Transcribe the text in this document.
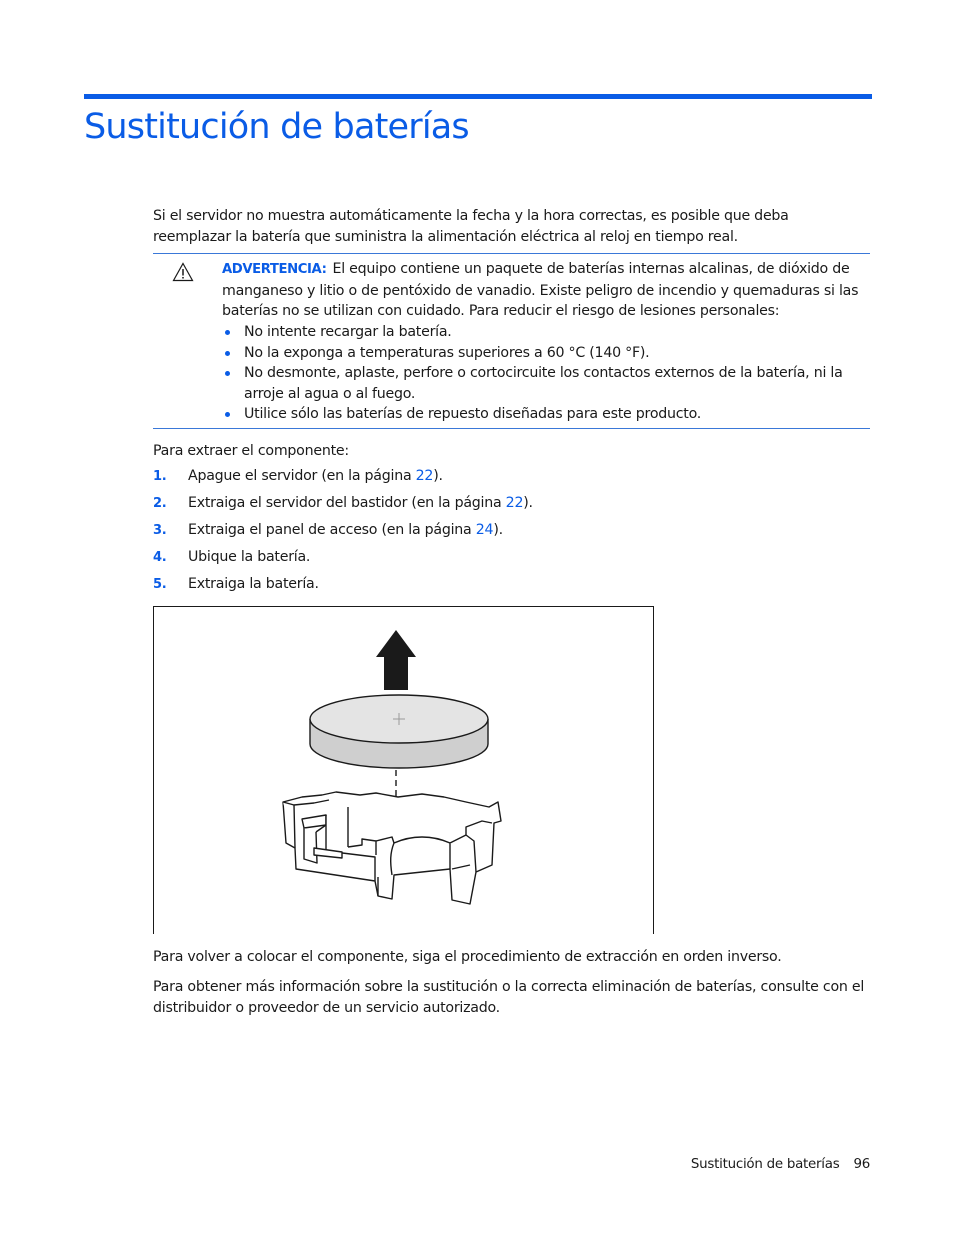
Sustitución de baterías

Si el servidor no muestra automáticamente la fecha y la hora correctas, es posible que deba reemplazar la batería que suministra la alimentación eléctrica al reloj en tiempo real.

ADVERTENCIA: El equipo contiene un paquete de baterías internas alcalinas, de dióxido de manganeso y litio o de pentóxido de vanadio. Existe peligro de incendio y quemaduras si las baterías no se utilizan con cuidado. Para reducir el riesgo de lesiones personales:

No intente recargar la batería.
No la exponga a temperaturas superiores a 60 °C (140 °F).
No desmonte, aplaste, perfore o cortocircuite los contactos externos de la batería, ni la arroje al agua o al fuego.
Utilice sólo las baterías de repuesto diseñadas para este producto.

Para extraer el componente:

1. Apague el servidor (en la página 22).
2. Extraiga el servidor del bastidor (en la página 22).
3. Extraiga el panel de acceso (en la página 24).
4. Ubique la batería.
5. Extraiga la batería.

Para volver a colocar el componente, siga el procedimiento de extracción en orden inverso.

Para obtener más información sobre la sustitución o la correcta eliminación de baterías, consulte con el distribuidor o proveedor de un servicio autorizado.

Sustitución de baterías 96
